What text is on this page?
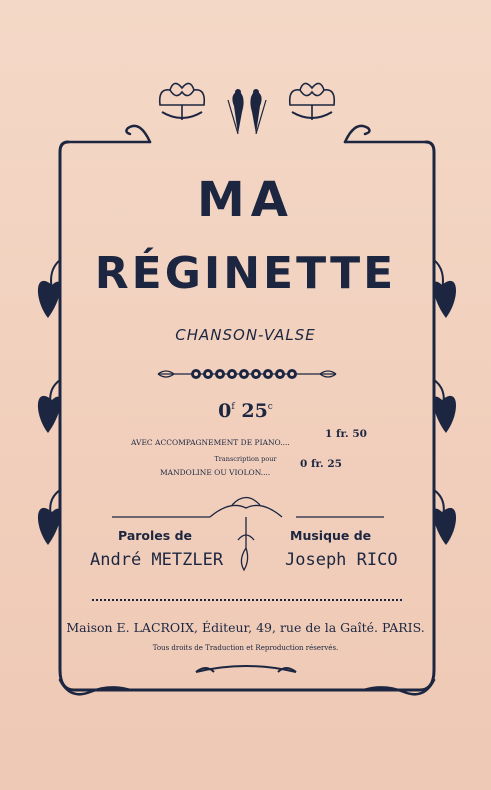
MA
RÉGINETTE
CHANSON-VALSE
0$^f$ 25$^c$
AVEC ACCOMPAGNEMENT DE PIANO....
1 fr. 50
Transcription pour
MANDOLINE OU VIOLON....
0 fr. 25
Paroles de
André METZLER
Musique de
Joseph RICO
Maison E. LACROIX, Éditeur, 49, rue de la Gaîté. PARIS.
Tous droits de Traduction et Reproduction réservés.
